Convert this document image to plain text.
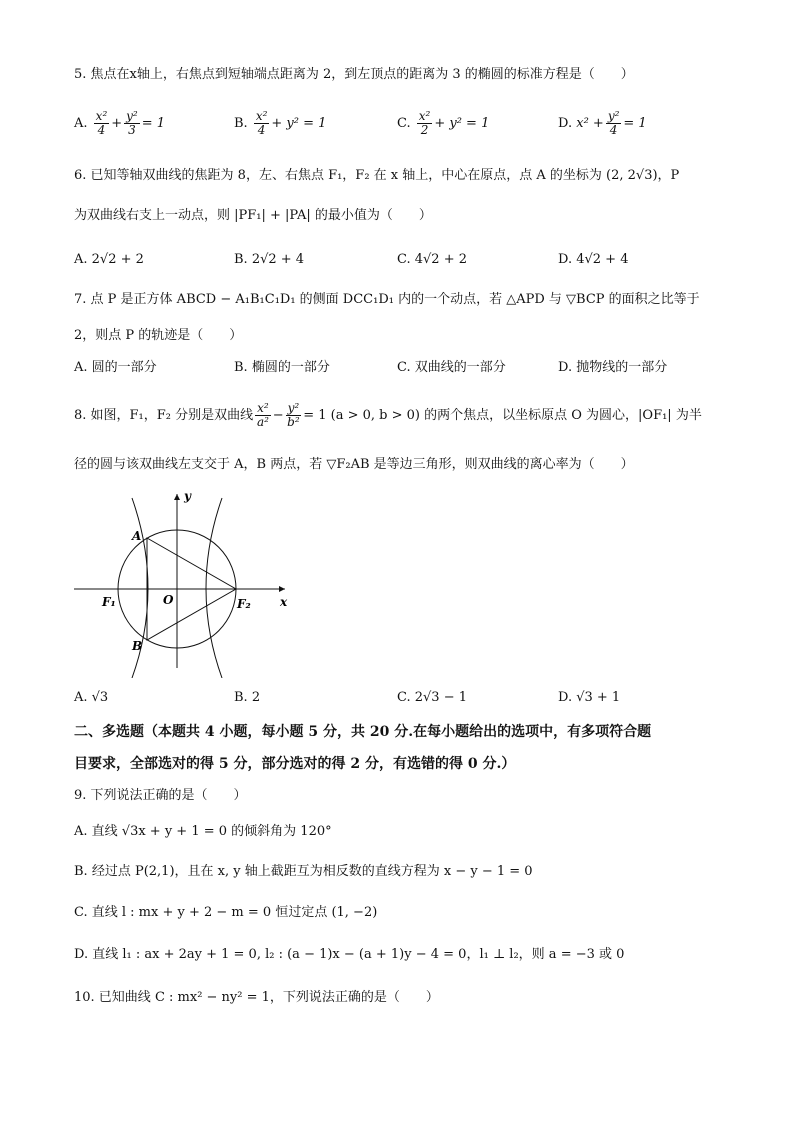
5. 焦点在x轴上，右焦点到短轴端点距离为 2，到左顶点的距离为 3 的椭圆的标准方程是（　　）
A. $\frac{\text{x²}}{4} + \frac{\text{y²}}{3} = 1$	B. $\frac{\text{x²}}{4} + y^2 = 1$	C. $\frac{\text{x²}}{2} + y^2 = 1$	D. $x^2 + \frac{\text{y²}}{4} = 1$
6. 已知等轴双曲线的焦距为 8，左、右焦点 F₁，F₂ 在 x 轴上，中心在原点，点 A 的坐标为 (2, 2√3)，P
为双曲线右支上一动点，则 |PF₁| + |PA| 的最小值为（　　）
A. 2√2 + 2	B. 2√2 + 4	C. 4√2 + 2	D. 4√2 + 4
7. 点 P 是正方体 ABCD − A₁B₁C₁D₁ 的侧面 DCC₁D₁ 内的一个动点，若 △APD 与 ▽BCP 的面积之比等于
2，则点 P 的轨迹是（　　）
A. 圆的一部分	B. 椭圆的一部分	C. 双曲线的一部分	D. 抛物线的一部分
8. 如图，F₁，F₂ 分别是双曲线 $\frac{\text{x²}}{\text{a²}} - \frac{\text{y²}}{\text{b²}} = 1$ (a > 0, b > 0) 的两个焦点，以坐标原点 O 为圆心，|OF₁| 为半
径的圆与该双曲线左支交于 A，B 两点，若 ▽F₂AB 是等边三角形，则双曲线的离心率为（　　）
y
x
A
B
O
F₁	F₂
A. √3	B. 2	C. 2√3 − 1	D. √3 + 1
二、多选题（本题共 4 小题，每小题 5 分，共 20 分.在每小题给出的选项中，有多项符合题
目要求，全部选对的得 5 分，部分选对的得 2 分，有选错的得 0 分.）
9. 下列说法正确的是（　　）
A. 直线 √3x + y + 1 = 0 的倾斜角为 120°
B. 经过点 P(2,1)，且在 x, y 轴上截距互为相反数的直线方程为 x − y − 1 = 0
C. 直线 l : mx + y + 2 − m = 0 恒过定点 (1, −2)
D. 直线 l₁ : ax + 2ay + 1 = 0, l₂ : (a − 1)x − (a + 1)y − 4 = 0，l₁ ⊥ l₂，则 a = −3 或 0
10. 已知曲线 C : mx² − ny² = 1，下列说法正确的是（　　）
